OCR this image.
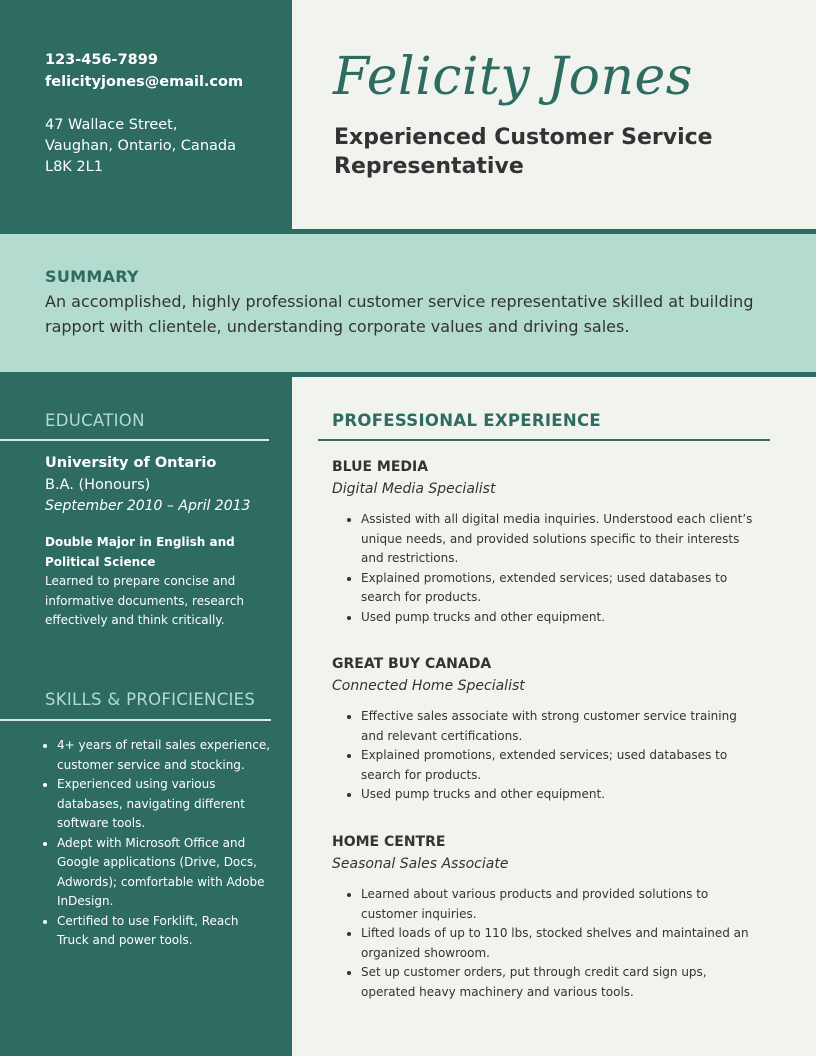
123-456-7899
felicityjones@email.com
47 Wallace Street,
Vaughan, Ontario, Canada
L8K 2L1
Felicity Jones
Experienced Customer Service Representative
SUMMARY
An accomplished, highly professional customer service representative skilled at building rapport with clientele, understanding corporate values and driving sales.
EDUCATION
University of Ontario
B.A. (Honours)
September 2010 – April 2013
Double Major in English and Political Science
Learned to prepare concise and informative documents, research effectively and think critically.
SKILLS & PROFICIENCIES
• 4+ years of retail sales experience, customer service and stocking.
• Experienced using various databases, navigating different software tools.
• Adept with Microsoft Office and Google applications (Drive, Docs, Adwords); comfortable with Adobe InDesign.
• Certified to use Forklift, Reach Truck and power tools.
PROFESSIONAL EXPERIENCE
BLUE MEDIA
Digital Media Specialist
• Assisted with all digital media inquiries. Understood each client’s unique needs, and provided solutions specific to their interests and restrictions.
• Explained promotions, extended services; used databases to search for products.
• Used pump trucks and other equipment.
GREAT BUY CANADA
Connected Home Specialist
• Effective sales associate with strong customer service training and relevant certifications.
• Explained promotions, extended services; used databases to search for products.
• Used pump trucks and other equipment.
HOME CENTRE
Seasonal Sales Associate
• Learned about various products and provided solutions to customer inquiries.
• Lifted loads of up to 110 lbs, stocked shelves and maintained an organized showroom.
• Set up customer orders, put through credit card sign ups, operated heavy machinery and various tools.
